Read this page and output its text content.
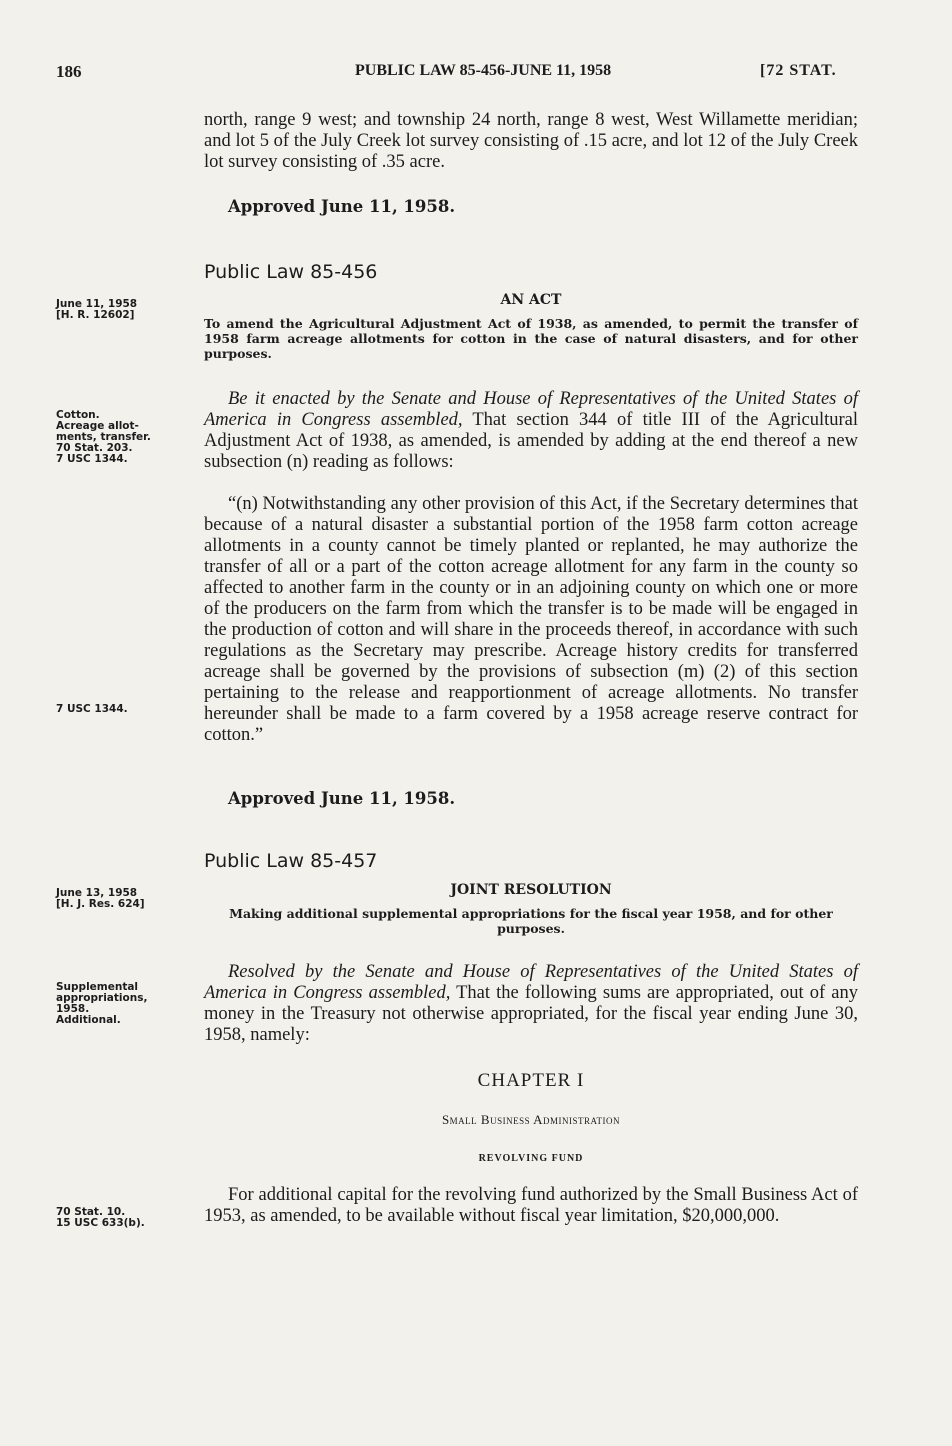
186	PUBLIC LAW 85-456-JUNE 11, 1958	[72 STAT.

north, range 9 west; and township 24 north, range 8 west, West Willamette meridian; and lot 5 of the July Creek lot survey consisting of .15 acre, and lot 12 of the July Creek lot survey consisting of .35 acre.

Approved June 11, 1958.
Public Law 85-456
June 11, 1958
[H. R. 12602]
AN ACT
To amend the Agricultural Adjustment Act of 1938, as amended, to permit the transfer of 1958 farm acreage allotments for cotton in the case of natural disasters, and for other purposes.
Cotton.
Acreage allot-
ments, transfer.
70 Stat. 203.
7 USC 1344.

Be it enacted by the Senate and House of Representatives of the United States of America in Congress assembled, That section 344 of title III of the Agricultural Adjustment Act of 1938, as amended, is amended by adding at the end thereof a new subsection (n) reading as follows:

“(n) Notwithstanding any other provision of this Act, if the Secretary determines that because of a natural disaster a substantial portion of the 1958 farm cotton acreage allotments in a county cannot be timely planted or replanted, he may authorize the transfer of all or a part of the cotton acreage allotment for any farm in the county so affected to another farm in the county or in an adjoining county on which one or more of the producers on the farm from which the transfer is to be made will be engaged in the production of cotton and will share in the proceeds thereof, in accordance with such regulations as the Secretary may prescribe. Acreage history credits for transferred acreage shall be governed by the provisions of subsection (m) (2) of this section pertaining to the release and reapportionment of acreage allotments. No transfer hereunder shall be made to a farm covered by a 1958 acreage reserve contract for cotton.”

7 USC 1344.
Approved June 11, 1958.
Public Law 85-457
June 13, 1958
[H. J. Res. 624]
JOINT RESOLUTION
Making additional supplemental appropriations for the fiscal year 1958, and for other purposes.
Supplemental
appropriations,
1958.
Additional.

Resolved by the Senate and House of Representatives of the United States of America in Congress assembled, That the following sums are appropriated, out of any money in the Treasury not otherwise appropriated, for the fiscal year ending June 30, 1958, namely:

CHAPTER I
Small Business Administration
REVOLVING FUND
70 Stat. 10.
15 USC 633(b).

For additional capital for the revolving fund authorized by the Small Business Act of 1953, as amended, to be available without fiscal year limitation, $20,000,000.
